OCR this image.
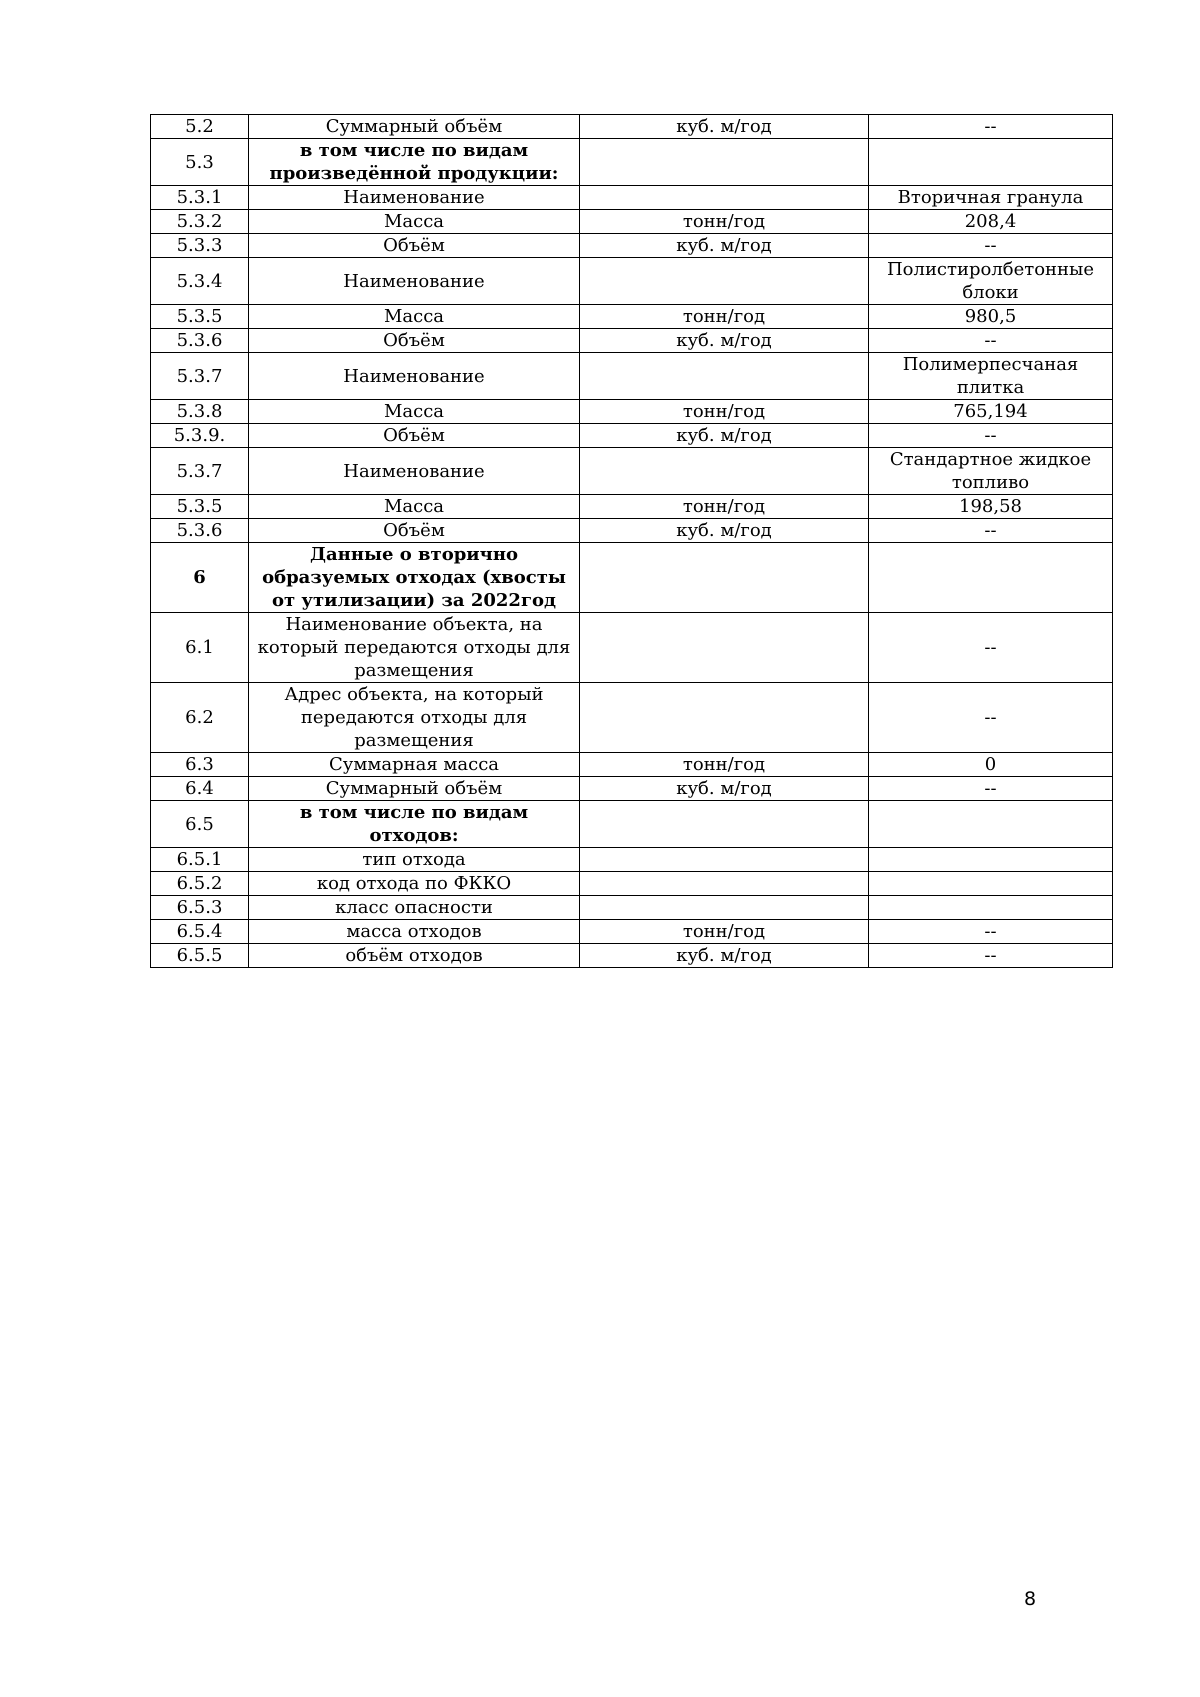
5.2	Суммарный объём	куб. м/год	--
5.3	в том числе по видам произведённой продукции:		
5.3.1	Наименование		Вторичная гранула
5.3.2	Масса	тонн/год	208,4
5.3.3	Объём	куб. м/год	--
5.3.4	Наименование		Полистиролбетонные блоки
5.3.5	Масса	тонн/год	980,5
5.3.6	Объём	куб. м/год	--
5.3.7	Наименование		Полимерпесчаная плитка
5.3.8	Масса	тонн/год	765,194
5.3.9.	Объём	куб. м/год	--
5.3.7	Наименование		Стандартное жидкое топливо
5.3.5	Масса	тонн/год	198,58
5.3.6	Объём	куб. м/год	--
6	Данные о вторично образуемых отходах (хвосты от утилизации) за 2022год		
6.1	Наименование объекта, на который передаются отходы для размещения		--
6.2	Адрес объекта, на который передаются отходы для размещения		--
6.3	Суммарная масса	тонн/год	0
6.4	Суммарный объём	куб. м/год	--
6.5	в том числе по видам отходов:		
6.5.1	тип отхода		
6.5.2	код отхода по ФККО		
6.5.3	класс опасности		
6.5.4	масса отходов	тонн/год	--
6.5.5	объём отходов	куб. м/год	--
8
